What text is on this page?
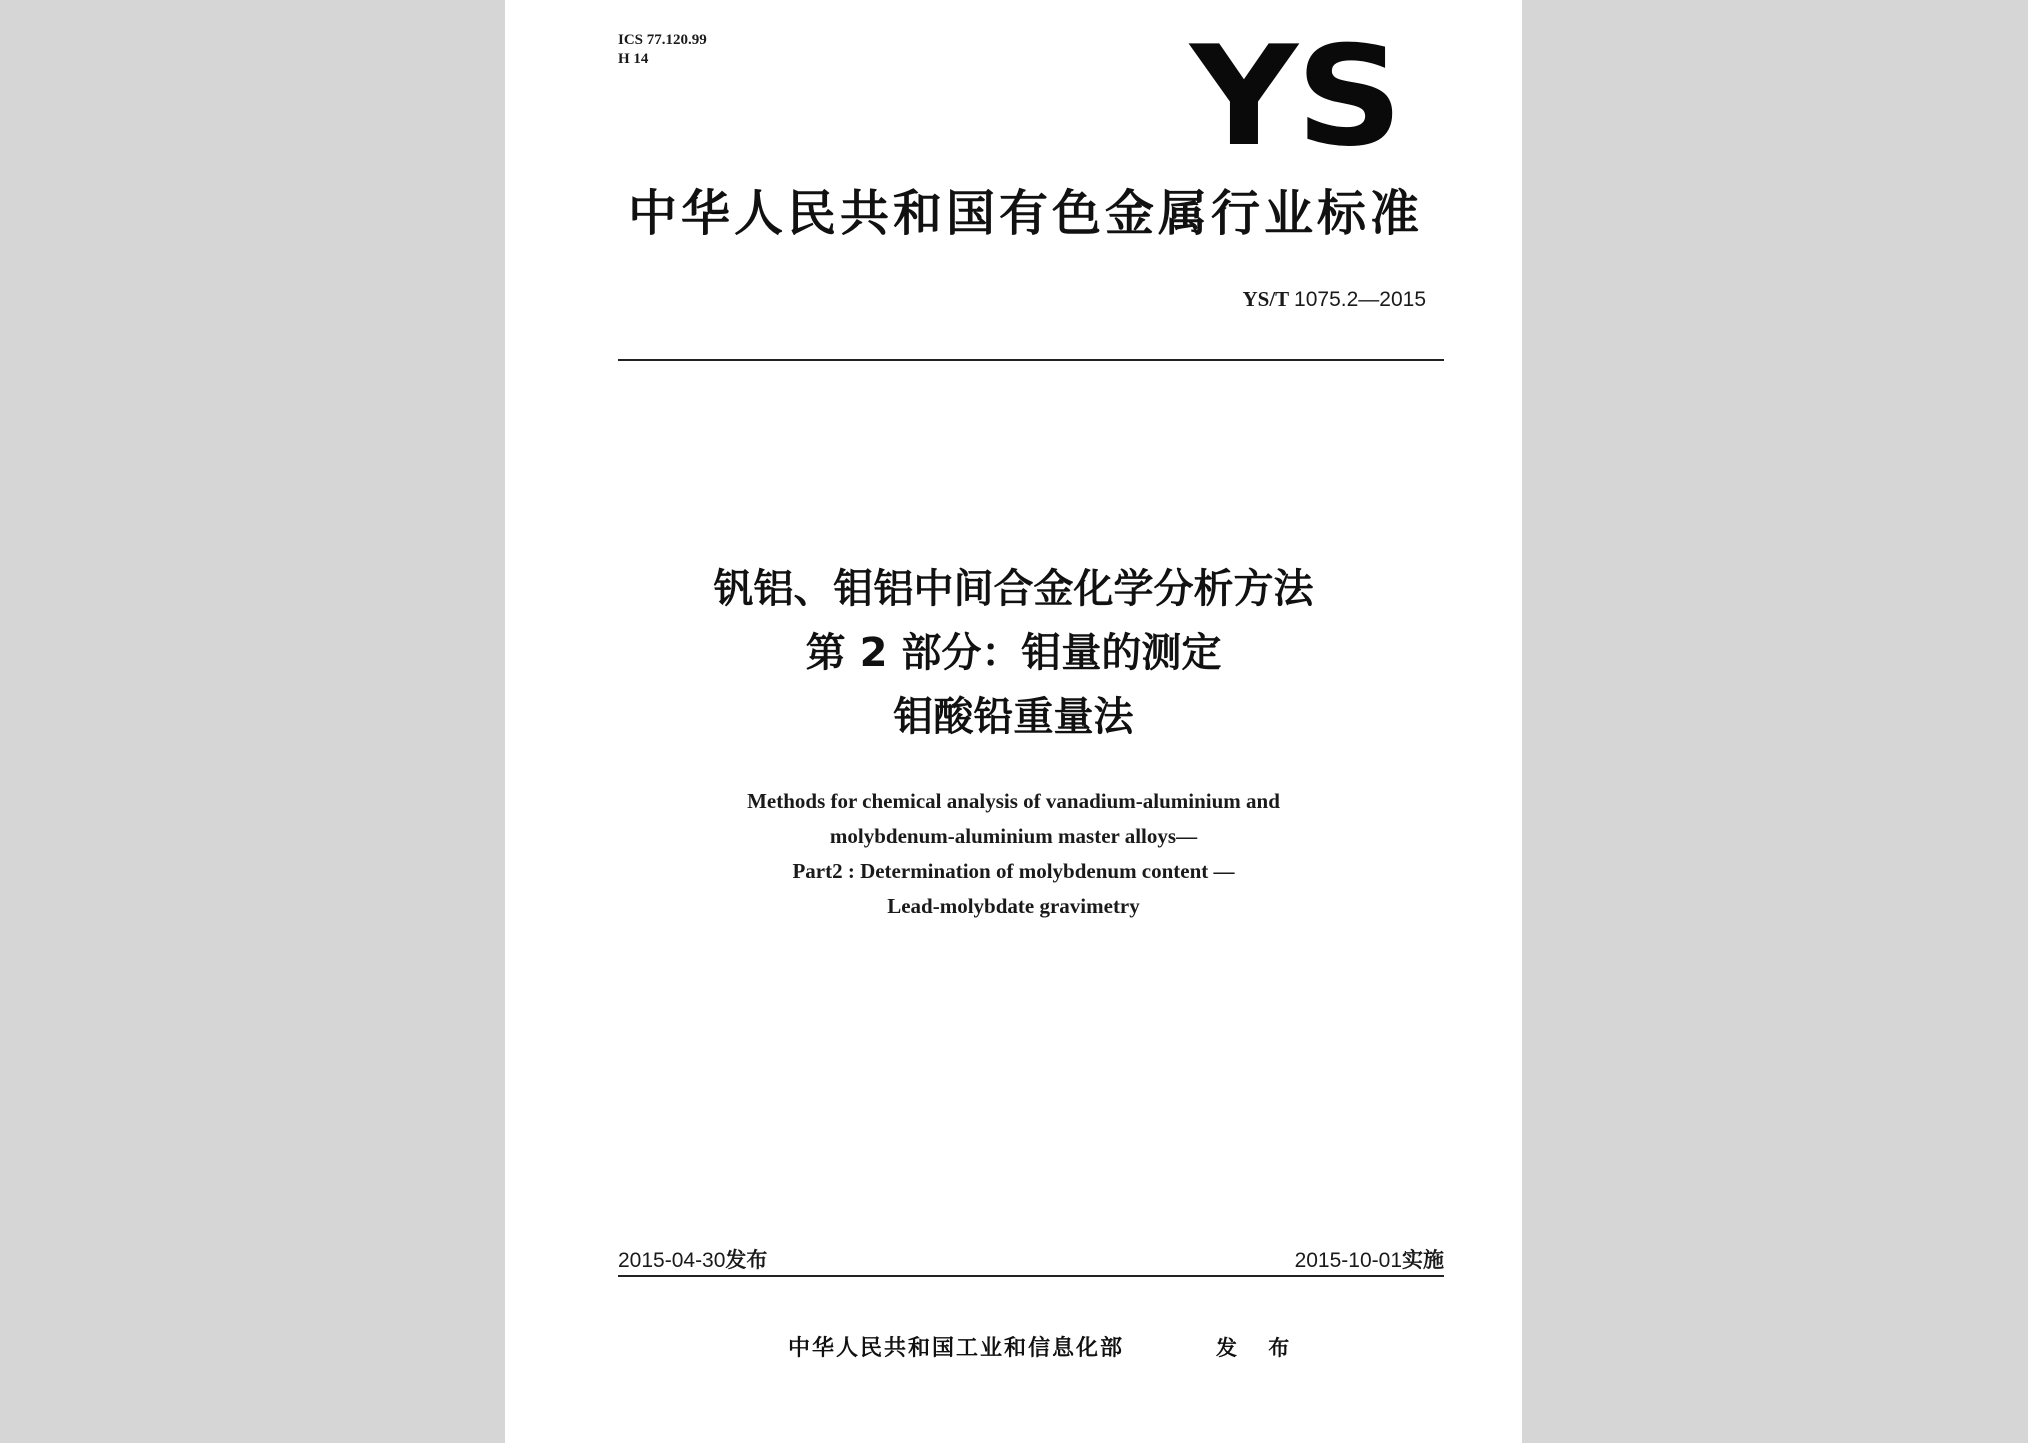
ICS 77.120.99
H 14	YS
中华人民共和国有色金属行业标准
YS/T 1075.2—2015
钒铝、钼铝中间合金化学分析方法
第 2 部分：钼量的测定
钼酸铅重量法
Methods for chemical analysis of vanadium-aluminium and
molybdenum-aluminium master alloys—
Part2 : Determination of molybdenum content —
Lead-molybdate gravimetry
2015-04-30发布	2015-10-01实施
中华人民共和国工业和信息化部	发 布
